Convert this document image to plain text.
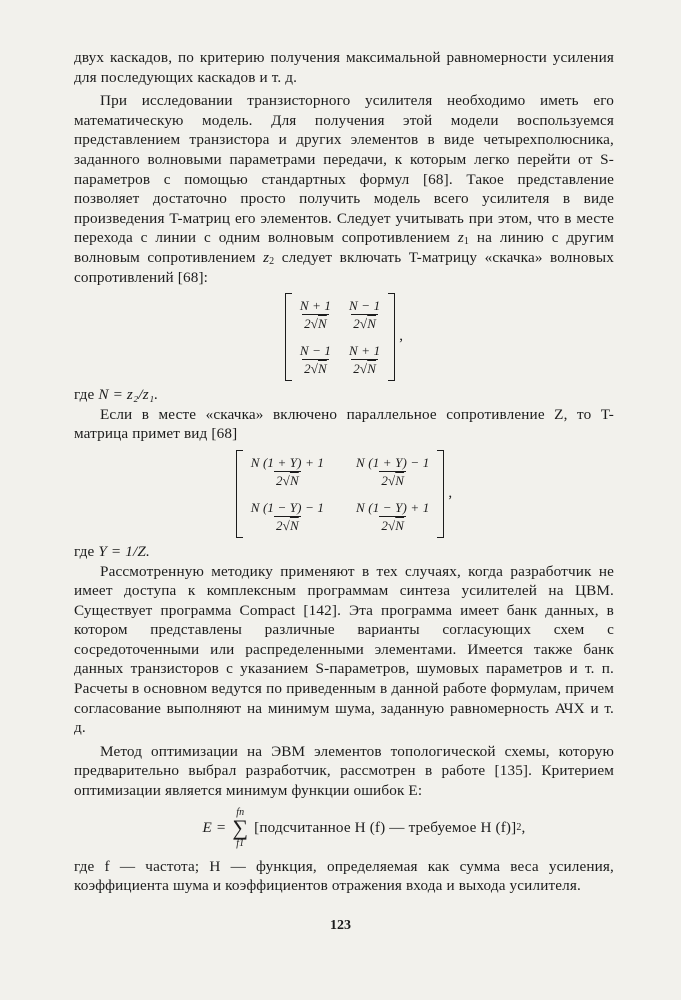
двух каскадов, по критерию получения максимальной равномерности усиления для последующих каскадов и т. д.

При исследовании транзисторного усилителя необходимо иметь его математическую модель. Для получения этой модели воспользуемся представлением транзистора и других элементов в виде четырехполюсника, заданного волновыми параметрами передачи, к которым легко перейти от S-параметров с помощью стандартных формул [68]. Такое представление позволяет достаточно просто получить модель всего усилителя в виде произведения T-матриц его элементов. Следует учитывать при этом, что в месте перехода с линии с одним волновым сопротивлением $z_1$ на линию с другим волновым сопротивлением $z_2$ следует включать T-матрицу «скачка» волновых сопротивлений [68]:

$\frac{N + 1}{2√N} \frac{N - 1}{2√N}$
$\frac{N - 1}{2√N} \frac{N + 1}{2√N}$
,

где N = z₂/z₁.

Если в месте «скачка» включено параллельное сопротивление Z, то T-матрица примет вид [68]

$\frac{N (1 + Y) + 1}{2√N} \frac{N (1 + Y) - 1}{2√N}$
$\frac{N (1 - Y) - 1}{2√N} \frac{N (1 - Y) + 1}{2√N}$
,

где Y = 1/Z.

Рассмотренную методику применяют в тех случаях, когда разработчик не имеет доступа к комплексным программам синтеза усилителей на ЦВМ. Существует программа Compact [142]. Эта программа имеет банк данных, в котором представлены различные варианты согласующих схем с сосредоточенными или распределенными элементами. Имеется также банк данных транзисторов с указанием S-параметров, шумовых параметров и т. п. Расчеты в основном ведутся по приведенным в данной работе формулам, причем согласование выполняют на минимум шума, заданную равномерность АЧХ и т. д.

Метод оптимизации на ЭВМ элементов топологической схемы, которую предварительно выбрал разработчик, рассмотрен в работе [135]. Критерием оптимизации является минимум функции ошибок E:

E =
fn
∑
f1
[подсчитанное H (f) — требуемое H (f)] 2 ,

где f — частота; H — функция, определяемая как сумма веса усиления, коэффициента шума и коэффициентов отражения входа и выхода усилителя.

123
